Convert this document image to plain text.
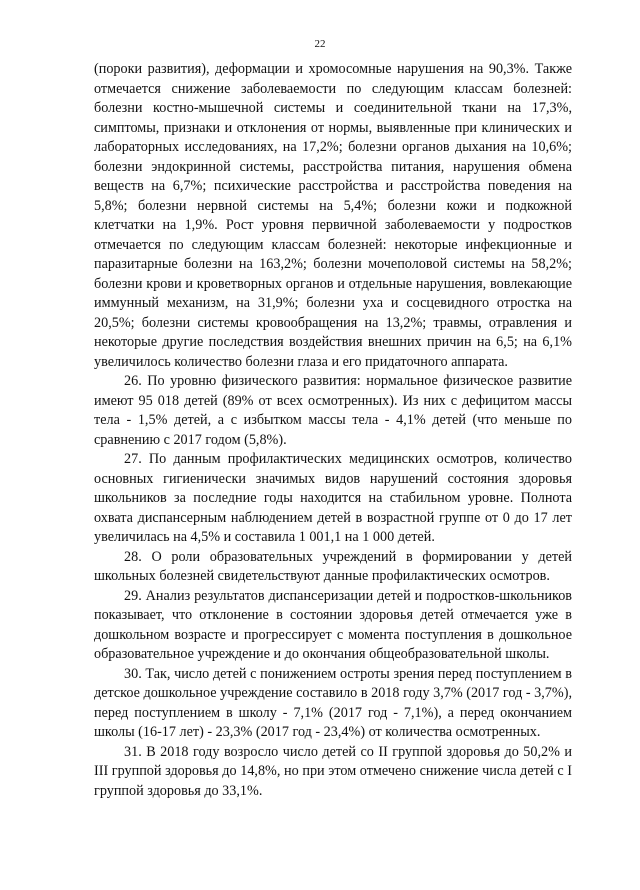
22

(пороки развития), деформации и хромосомные нарушения на 90,3%. Также отмечается снижение заболеваемости по следующим классам болезней: болезни костно-мышечной системы и соединительной ткани на 17,3%, симптомы, признаки и отклонения от нормы, выявленные при клинических и лабораторных исследованиях, на 17,2%; болезни органов дыхания на 10,6%; болезни эндокринной системы, расстройства питания, нарушения обмена веществ на 6,7%; психические расстройства и расстройства поведения на 5,8%; болезни нервной системы на 5,4%; болезни кожи и подкожной клетчатки на 1,9%. Рост уровня первичной заболеваемости у подростков отмечается по следующим классам болезней: некоторые инфекционные и паразитарные болезни на 163,2%; болезни мочеполовой системы на 58,2%; болезни крови и кроветворных органов и отдельные нарушения, вовлекающие иммунный механизм, на 31,9%; болезни уха и сосцевидного отростка на 20,5%; болезни системы кровообращения на 13,2%; травмы, отравления и некоторые другие последствия воздействия внешних причин на 6,5; на 6,1% увеличилось количество болезни глаза и его придаточного аппарата.

26. По уровню физического развития: нормальное физическое развитие имеют 95 018 детей (89% от всех осмотренных). Из них с дефицитом массы тела - 1,5% детей, а с избытком массы тела - 4,1% детей (что меньше по сравнению с 2017 годом (5,8%).

27. По данным профилактических медицинских осмотров, количество основных гигиенически значимых видов нарушений состояния здоровья школьников за последние годы находится на стабильном уровне. Полнота охвата диспансерным наблюдением детей в возрастной группе от 0 до 17 лет увеличилась на 4,5% и составила 1 001,1 на 1 000 детей.

28. О роли образовательных учреждений в формировании у детей школьных болезней свидетельствуют данные профилактических осмотров.

29. Анализ результатов диспансеризации детей и подростков-школьников показывает, что отклонение в состоянии здоровья детей отмечается уже в дошкольном возрасте и прогрессирует с момента поступления в дошкольное образовательное учреждение и до окончания общеобразовательной школы.

30. Так, число детей с понижением остроты зрения перед поступлением в детское дошкольное учреждение составило в 2018 году 3,7% (2017 год - 3,7%), перед поступлением в школу - 7,1% (2017 год - 7,1%), а перед окончанием школы (16-17 лет) - 23,3% (2017 год - 23,4%) от количества осмотренных.

31. В 2018 году возросло число детей со II группой здоровья до 50,2% и III группой здоровья до 14,8%, но при этом отмечено снижение числа детей с I группой здоровья до 33,1%.
